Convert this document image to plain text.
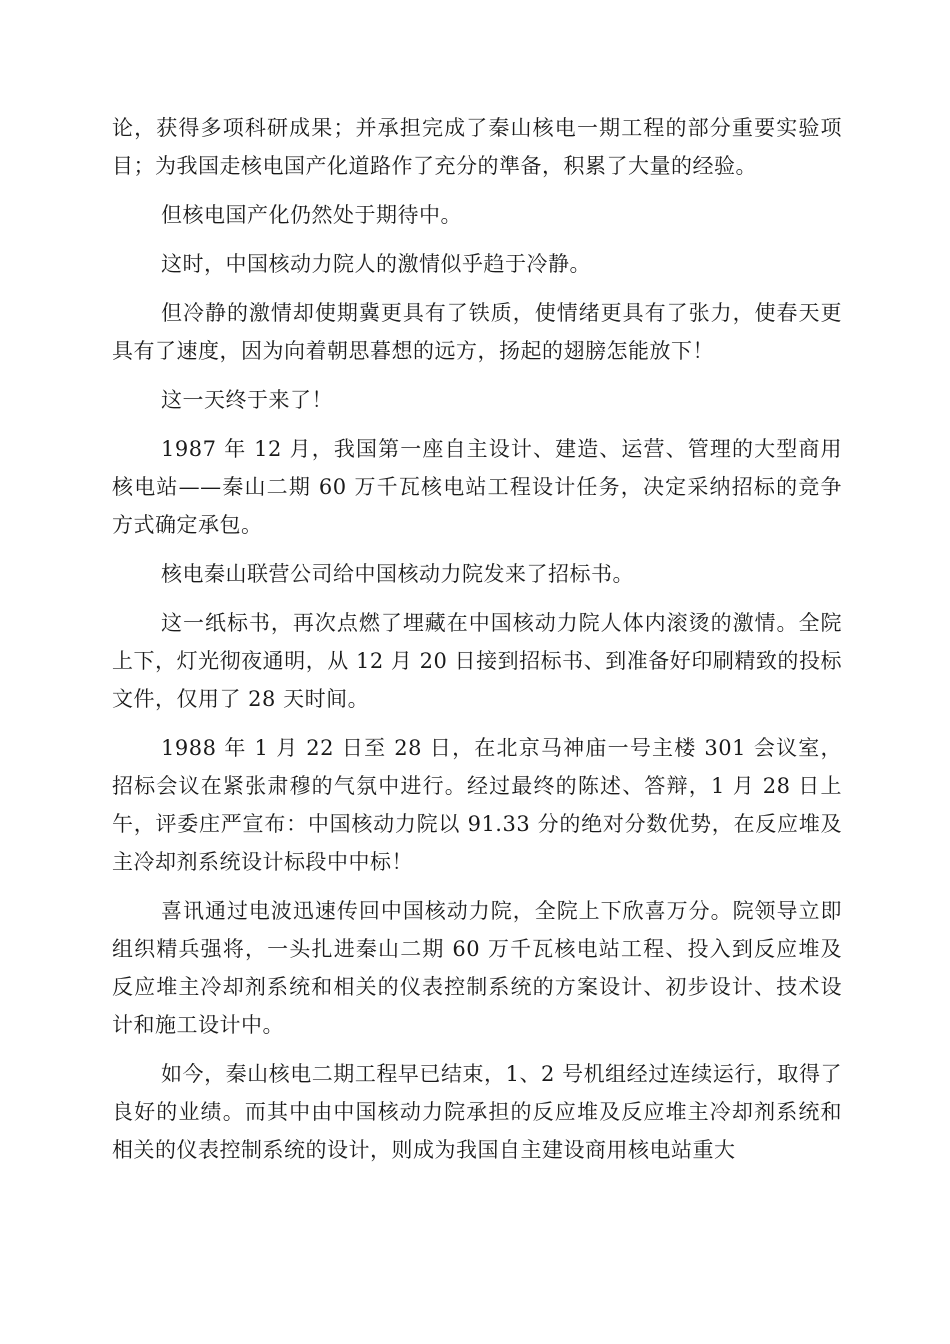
论，获得多项科研成果；并承担完成了秦山核电一期工程的部分重要实验项目；为我国走核电国产化道路作了充分的準备，积累了大量的经验。

但核电国产化仍然处于期待中。

这时，中国核动力院人的激情似乎趋于冷静。

但冷静的激情却使期冀更具有了铁质，使情绪更具有了张力，使春天更具有了速度，因为向着朝思暮想的远方，扬起的翅膀怎能放下！

这一天终于来了！

1987 年 12 月，我国第一座自主设计、建造、运营、管理的大型商用核电站——秦山二期 60 万千瓦核电站工程设计任务，决定采纳招标的竞争方式确定承包。

核电秦山联营公司给中国核动力院发来了招标书。

这一纸标书，再次点燃了埋藏在中国核动力院人体内滚烫的激情。全院上下，灯光彻夜通明，从 12 月 20 日接到招标书、到准备好印刷精致的投标文件，仅用了 28 天时间。

1988 年 1 月 22 日至 28 日，在北京马神庙一号主楼 301 会议室，招标会议在紧张肃穆的气氛中进行。经过最终的陈述、答辩，1 月 28 日上午，评委庄严宣布：中国核动力院以 91.33 分的绝对分数优势，在反应堆及主冷却剂系统设计标段中中标！

喜讯通过电波迅速传回中国核动力院，全院上下欣喜万分。院领导立即组织精兵强将，一头扎进秦山二期 60 万千瓦核电站工程、投入到反应堆及反应堆主冷却剂系统和相关的仪表控制系统的方案设计、初步设计、技术设计和施工设计中。

如今，秦山核电二期工程早已结束，1、2 号机组经过连续运行，取得了良好的业绩。而其中由中国核动力院承担的反应堆及反应堆主冷却剂系统和相关的仪表控制系统的设计，则成为我国自主建设商用核电站重大
